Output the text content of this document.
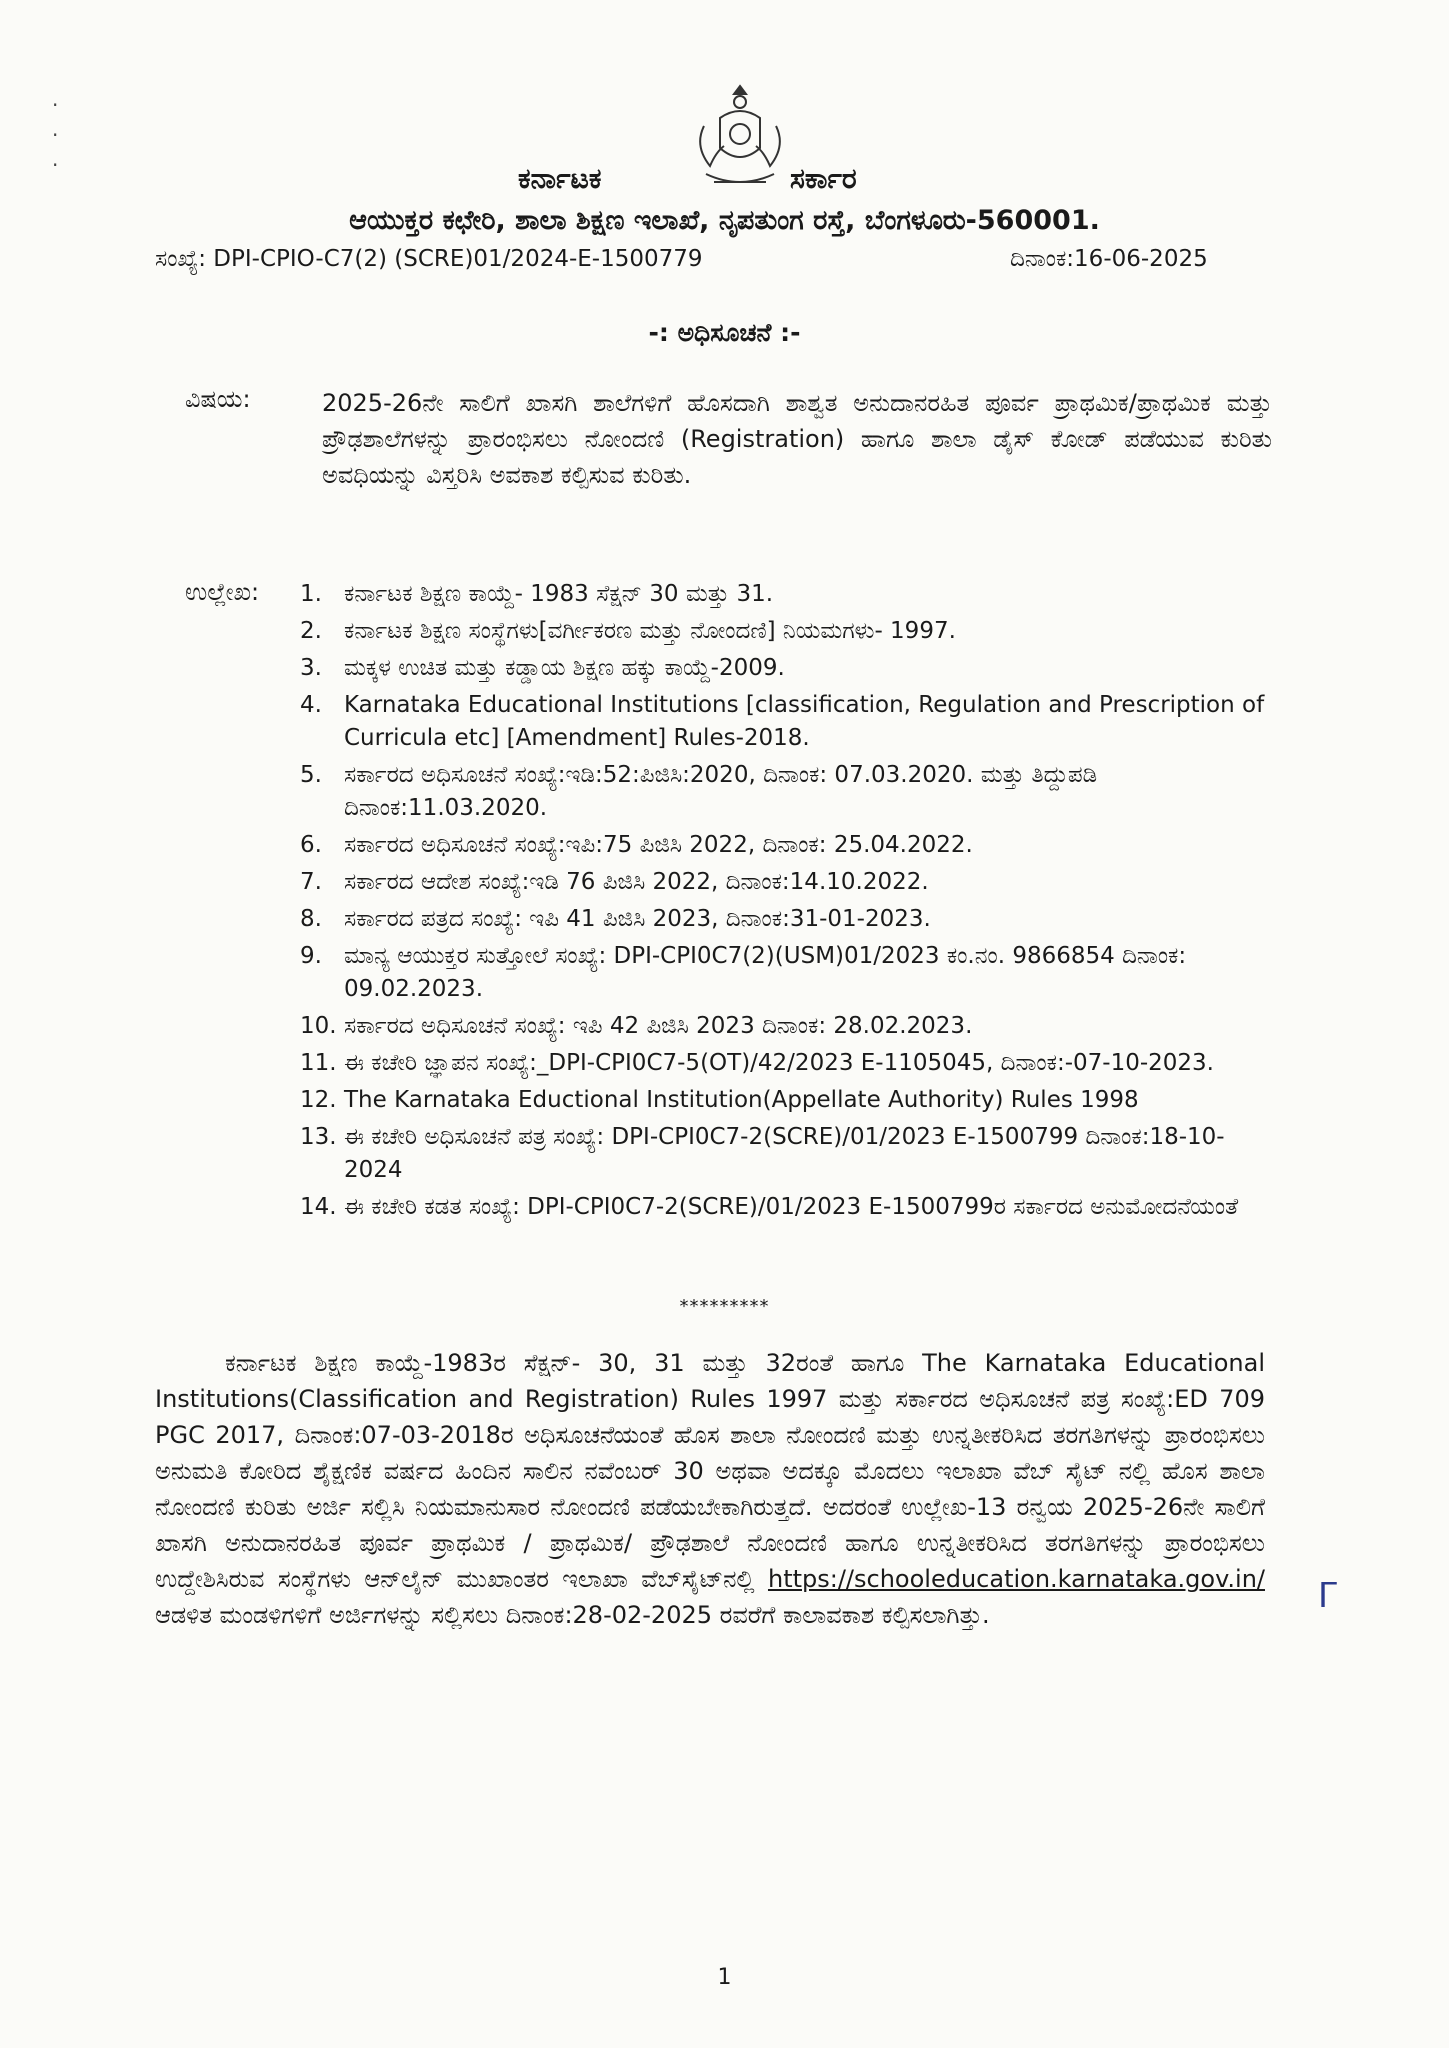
·
·
·	ಕರ್ನಾಟಕ	ಸರ್ಕಾರ
ಆಯುಕ್ತರ ಕಛೇರಿ, ಶಾಲಾ ಶಿಕ್ಷಣ ಇಲಾಖೆ, ನೃಪತುಂಗ ರಸ್ತೆ, ಬೆಂಗಳೂರು-560001.
ಸಂಖ್ಯೆ: DPI-CPIO-C7(2) (SCRE)01/2024-E-1500779	ದಿನಾಂಕ:16-06-2025
-: ಅಧಿಸೂಚನೆ :-
ವಿಷಯ:	2025-26ನೇ ಸಾಲಿಗೆ ಖಾಸಗಿ ಶಾಲೆಗಳಿಗೆ ಹೊಸದಾಗಿ ಶಾಶ್ವತ ಅನುದಾನರಹಿತ ಪೂರ್ವ ಪ್ರಾಥಮಿಕ/ಪ್ರಾಥಮಿಕ ಮತ್ತು ಪ್ರೌಢಶಾಲೆಗಳನ್ನು ಪ್ರಾರಂಭಿಸಲು ನೋಂದಣಿ (Registration) ಹಾಗೂ ಶಾಲಾ ಡೈಸ್ ಕೋಡ್ ಪಡೆಯುವ ಕುರಿತು ಅವಧಿಯನ್ನು ವಿಸ್ತರಿಸಿ ಅವಕಾಶ ಕಲ್ಪಿಸುವ ಕುರಿತು.
ಉಲ್ಲೇಖ: 1. ಕರ್ನಾಟಕ ಶಿಕ್ಷಣ ಕಾಯ್ದೆ- 1983 ಸೆಕ್ಷನ್ 30 ಮತ್ತು 31.
2. ಕರ್ನಾಟಕ ಶಿಕ್ಷಣ ಸಂಸ್ಥೆಗಳು[ವರ್ಗೀಕರಣ ಮತ್ತು ನೋಂದಣಿ] ನಿಯಮಗಳು- 1997.
3. ಮಕ್ಕಳ ಉಚಿತ ಮತ್ತು ಕಡ್ಡಾಯ ಶಿಕ್ಷಣ ಹಕ್ಕು ಕಾಯ್ದೆ-2009.
4. Karnataka Educational Institutions [classification, Regulation and Prescription of Curricula etc] [Amendment] Rules-2018.
5. ಸರ್ಕಾರದ ಅಧಿಸೂಚನೆ ಸಂಖ್ಯೆ:ಇಡಿ:52:ಪಿಜಿಸಿ:2020, ದಿನಾಂಕ: 07.03.2020. ಮತ್ತು ತಿದ್ದುಪಡಿ ದಿನಾಂಕ:11.03.2020.
6. ಸರ್ಕಾರದ ಅಧಿಸೂಚನೆ ಸಂಖ್ಯೆ:ಇಪಿ:75 ಪಿಜಿಸಿ 2022, ದಿನಾಂಕ: 25.04.2022.
7. ಸರ್ಕಾರದ ಆದೇಶ ಸಂಖ್ಯೆ:ಇಡಿ 76 ಪಿಜಿಸಿ 2022, ದಿನಾಂಕ:14.10.2022.
8. ಸರ್ಕಾರದ ಪತ್ರದ ಸಂಖ್ಯೆ: ಇಪಿ 41 ಪಿಜಿಸಿ 2023, ದಿನಾಂಕ:31-01-2023.
9. ಮಾನ್ಯ ಆಯುಕ್ತರ ಸುತ್ತೋಲೆ ಸಂಖ್ಯೆ: DPI-CPI0C7(2)(USM)01/2023 ಕಂ.ನಂ. 9866854 ದಿನಾಂಕ: 09.02.2023.
10. ಸರ್ಕಾರದ ಅಧಿಸೂಚನೆ ಸಂಖ್ಯೆ: ಇಪಿ 42 ಪಿಜಿಸಿ 2023 ದಿನಾಂಕ: 28.02.2023.
11. ಈ ಕಚೇರಿ ಜ್ಞಾಪನ ಸಂಖ್ಯೆ:_DPI-CPI0C7-5(OT)/42/2023 E-1105045, ದಿನಾಂಕ:-07-10-2023.
12. The Karnataka Eductional Institution(Appellate Authority) Rules 1998
13. ಈ ಕಚೇರಿ ಅಧಿಸೂಚನೆ ಪತ್ರ ಸಂಖ್ಯೆ: DPI-CPI0C7-2(SCRE)/01/2023 E-1500799 ದಿನಾಂಕ:18-10-2024
14. ಈ ಕಚೇರಿ ಕಡತ ಸಂಖ್ಯೆ: DPI-CPI0C7-2(SCRE)/01/2023 E-1500799ರ ಸರ್ಕಾರದ ಅನುಮೋದನೆಯಂತೆ
*********
ಕರ್ನಾಟಕ ಶಿಕ್ಷಣ ಕಾಯ್ದೆ-1983ರ ಸೆಕ್ಷನ್- 30, 31 ಮತ್ತು 32ರಂತೆ ಹಾಗೂ The Karnataka Educational Institutions(Classification and Registration) Rules 1997 ಮತ್ತು ಸರ್ಕಾರದ ಅಧಿಸೂಚನೆ ಪತ್ರ ಸಂಖ್ಯೆ:ED 709 PGC 2017, ದಿನಾಂಕ:07-03-2018ರ ಅಧಿಸೂಚನೆಯಂತೆ ಹೊಸ ಶಾಲಾ ನೋಂದಣಿ ಮತ್ತು ಉನ್ನತೀಕರಿಸಿದ ತರಗತಿಗಳನ್ನು ಪ್ರಾರಂಭಿಸಲು ಅನುಮತಿ ಕೋರಿದ ಶೈಕ್ಷಣಿಕ ವರ್ಷದ ಹಿಂದಿನ ಸಾಲಿನ ನವೆಂಬರ್ 30 ಅಥವಾ ಅದಕ್ಕೂ ಮೊದಲು ಇಲಾಖಾ ವೆಬ್ ಸೈಟ್ ನಲ್ಲಿ ಹೊಸ ಶಾಲಾ ನೋಂದಣಿ ಕುರಿತು ಅರ್ಜಿ ಸಲ್ಲಿಸಿ ನಿಯಮಾನುಸಾರ ನೋಂದಣಿ ಪಡೆಯಬೇಕಾಗಿರುತ್ತದೆ. ಅದರಂತೆ ಉಲ್ಲೇಖ-13 ರನ್ವಯ 2025-26ನೇ ಸಾಲಿಗೆ ಖಾಸಗಿ ಅನುದಾನರಹಿತ ಪೂರ್ವ ಪ್ರಾಥಮಿಕ / ಪ್ರಾಥಮಿಕ/ ಪ್ರೌಢಶಾಲೆ ನೋಂದಣಿ ಹಾಗೂ ಉನ್ನತೀಕರಿಸಿದ ತರಗತಿಗಳನ್ನು ಪ್ರಾರಂಭಿಸಲು ಉದ್ದೇಶಿಸಿರುವ ಸಂಸ್ಥೆಗಳು ಆನ್‌ಲೈನ್ ಮುಖಾಂತರ ಇಲಾಖಾ ವೆಬ್‌ಸೈಟ್‌ನಲ್ಲಿ https://schooleducation.karnataka.gov.in/ ಆಡಳಿತ ಮಂಡಳಿಗಳಿಗೆ ಅರ್ಜಿಗಳನ್ನು ಸಲ್ಲಿಸಲು ದಿನಾಂಕ:28-02-2025 ರವರೆಗೆ ಕಾಲಾವಕಾಶ ಕಲ್ಪಿಸಲಾಗಿತ್ತು.	ᒥ
1
